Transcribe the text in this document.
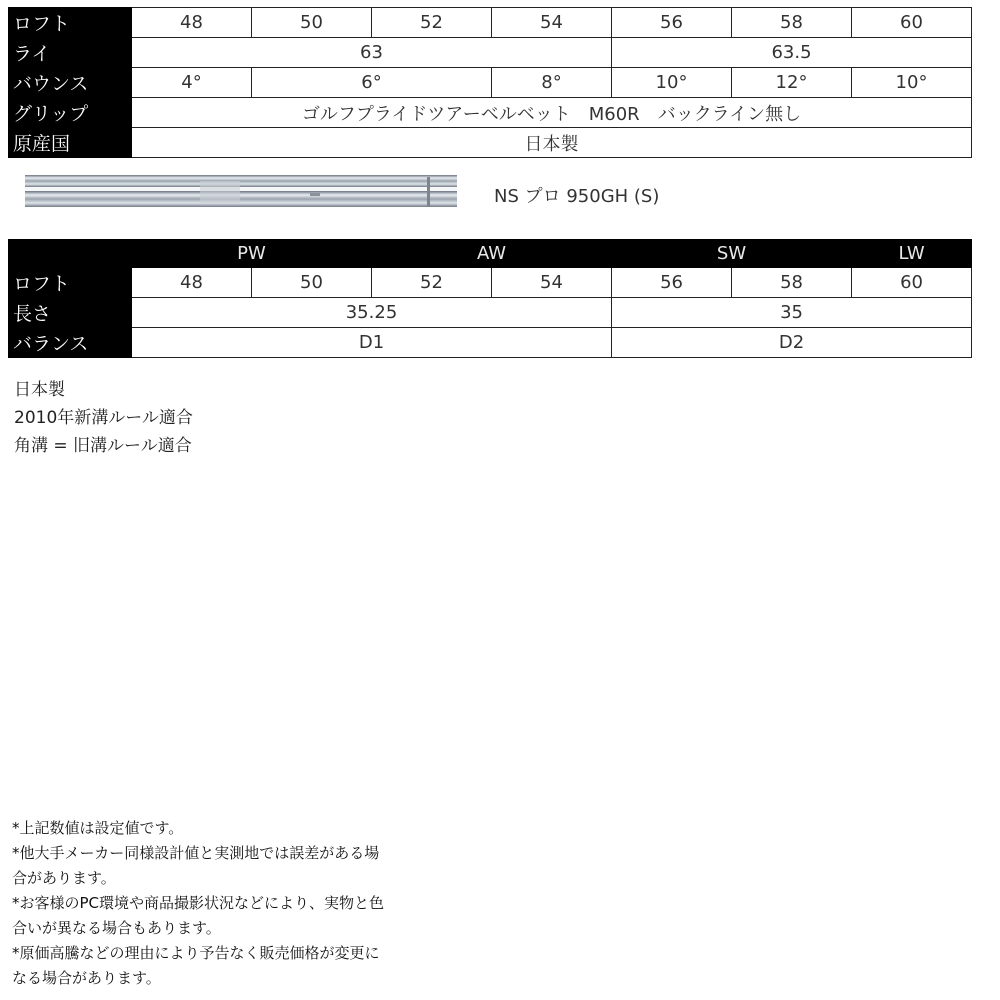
ロフト	48	50	52	54	56	58	60
ライ	63				63.5		
バウンス	4°	6°		8°	10°	12°	10°
グリップ	ゴルフプライドツアーベルベット　M60R　バックライン無し						
原産国	日本製						
NS プロ 950GH (S)
	PW		AW		SW		LW
ロフト	48	50	52	54	56	58	60
長さ	35.25				35		
バランス	D1				D2		
日本製
2010年新溝ルール適合
角溝 = 旧溝ルール適合
*上記数値は設定値です。
*他大手メーカー同様設計値と実測地では誤差がある場
合があります。
*お客様のPC環境や商品撮影状況などにより、実物と色
合いが異なる場合もあります。
*原価高騰などの理由により予告なく販売価格が変更に
なる場合があります。
